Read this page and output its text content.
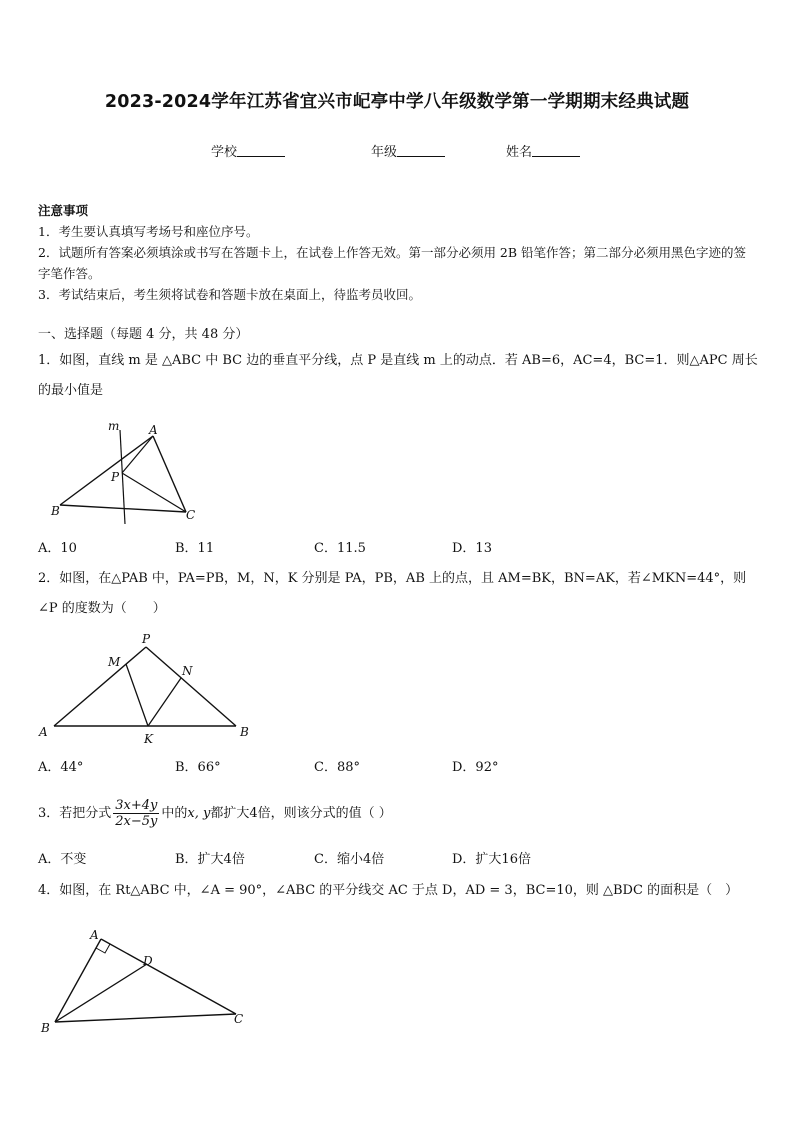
2023-2024学年江苏省宜兴市屺亭中学八年级数学第一学期期末经典试题
学校	年级	姓名
注意事项
1．考生要认真填写考场号和座位序号。
2．试题所有答案必须填涂或书写在答题卡上，在试卷上作答无效。第一部分必须用 2B 铅笔作答；第二部分必须用黑色字迹的签字笔作答。
3．考试结束后，考生须将试卷和答题卡放在桌面上，待监考员收回。
一、选择题（每题 4 分，共 48 分）
1．如图，直线 m 是 △ABC 中 BC 边的垂直平分线，点 P 是直线 m 上的动点．若 AB=6，AC=4，BC=1．则△APC 周长的最小值是
m A
P
B	C
A．10	B．11	C．11.5	D．13
2．如图，在△PAB 中，PA=PB，M，N，K 分别是 PA，PB，AB 上的点，且 AM=BK，BN=AK，若∠MKN=44°，则∠P 的度数为（　　）
P
M
N
A	K	B
A．44°	B．66°	C．88°	D．92°
3．若把分式 $\frac{3x+4y}{2x-5y}$ 中的x, y都扩大4倍，则该分式的值（ ）
A．不变	B．扩大4倍	C．缩小4倍	D．扩大16倍
4．如图，在 Rt△ABC 中，∠A = 90°，∠ABC 的平分线交 AC 于点 D，AD = 3，BC=10，则 △BDC 的面积是（　）
A
D
B
C
